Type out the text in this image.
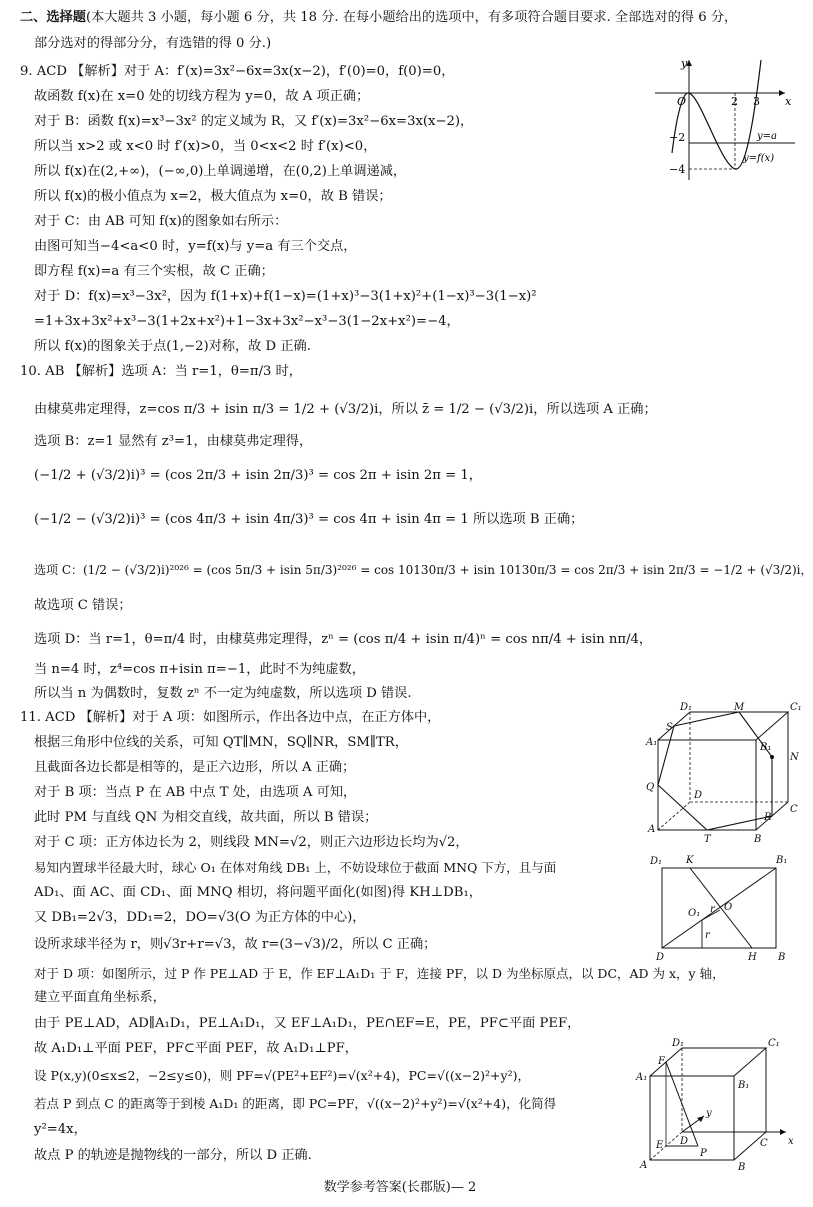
二、选择题(本大题共 3 小题，每小题 6 分，共 18 分. 在每小题给出的选项中，有多项符合题目要求. 全部选对的得 6 分，
部分选对的得部分分，有选错的得 0 分.)
9. ACD 【解析】对于 A：f′(x)=3x²−6x=3x(x−2)，f′(0)=0，f(0)=0，
故函数 f(x)在 x=0 处的切线方程为 y=0，故 A 项正确；
对于 B：函数 f(x)=x³−3x² 的定义域为 R，又 f′(x)=3x²−6x=3x(x−2)，
所以当 x>2 或 x<0 时 f′(x)>0，当 0<x<2 时 f′(x)<0，
所以 f(x)在(2,+∞)，(−∞,0)上单调递增，在(0,2)上单调递减，
所以 f(x)的极小值点为 x=2，极大值点为 x=0，故 B 错误；
对于 C：由 AB 可知 f(x)的图象如右所示：
由图可知当−4<a<0 时，y=f(x)与 y=a 有三个交点，
即方程 f(x)=a 有三个实根，故 C 正确；
对于 D：f(x)=x³−3x²，因为 f(1+x)+f(1−x)=(1+x)³−3(1+x)²+(1−x)³−3(1−x)²
=1+3x+3x²+x³−3(1+2x+x²)+1−3x+3x²−x³−3(1−2x+x²)=−4，
所以 f(x)的图象关于点(1,−2)对称，故 D 正确.
y
x
O	2 3
−2
−4
y=a
y=f(x)
10. AB 【解析】选项 A：当 r=1，θ=π/3 时，
由棣莫弗定理得，z=cos π/3 + isin π/3 = 1/2 + (√3/2)i，所以 z̄ = 1/2 − (√3/2)i，所以选项 A 正确；
选项 B：z=1 显然有 z³=1，由棣莫弗定理得，
(−1/2 + (√3/2)i)³ = (cos 2π/3 + isin 2π/3)³ = cos 2π + isin 2π = 1，
(−1/2 − (√3/2)i)³ = (cos 4π/3 + isin 4π/3)³ = cos 4π + isin 4π = 1 所以选项 B 正确；
选项 C：(1/2 − (√3/2)i)²⁰²⁶ = (cos 5π/3 + isin 5π/3)²⁰²⁶ = cos 10130π/3 + isin 10130π/3 = cos 2π/3 + isin 2π/3 = −1/2 + (√3/2)i，
故选项 C 错误；
选项 D：当 r=1，θ=π/4 时，由棣莫弗定理得，zⁿ = (cos π/4 + isin π/4)ⁿ = cos nπ/4 + isin nπ/4，
当 n=4 时，z⁴=cos π+isin π=−1，此时不为纯虚数，
所以当 n 为偶数时，复数 zⁿ 不一定为纯虚数，所以选项 D 错误.
11. ACD 【解析】对于 A 项：如图所示，作出各边中点，在正方体中，
根据三角形中位线的关系，可知 QT∥MN，SQ∥NR，SM∥TR，
且截面各边长都是相等的，是正六边形，所以 A 正确；
对于 B 项：当点 P 在 AB 中点 T 处，由选项 A 可知，
此时 PM 与直线 QN 为相交直线，故共面，所以 B 错误；
对于 C 项：正方体边长为 2，则线段 MN=√2，则正六边形边长均为√2，
易知内置球半径最大时，球心 O₁ 在体对角线 DB₁ 上，不妨设球位于截面 MNQ 下方，且与面
AD₁、面 AC、面 CD₁、面 MNQ 相切，将问题平面化(如图)得 KH⊥DB₁，
又 DB₁=2√3，DD₁=2，DO=√3(O 为正方体的中心)，
设所求球半径为 r，则√3r+r=√3，故 r=(3−√3)/2，所以 C 正确；
对于 D 项：如图所示，过 P 作 PE⊥AD 于 E，作 EF⊥A₁D₁ 于 F，连接 PF，以 D 为坐标原点，以 DC，AD 为 x，y 轴，
建立平面直角坐标系，
由于 PE⊥AD，AD∥A₁D₁，PE⊥A₁D₁，又 EF⊥A₁D₁，PE∩EF=E，PE，PF⊂平面 PEF，
故 A₁D₁⊥平面 PEF，PF⊂平面 PEF，故 A₁D₁⊥PF，
设 P(x,y)(0≤x≤2，−2≤y≤0)，则 PF=√(PE²+EF²)=√(x²+4)，PC=√((x−2)²+y²)，
若点 P 到点 C 的距离等于到棱 A₁D₁ 的距离，即 PC=PF，√((x−2)²+y²)=√(x²+4)，化简得
y²=4x，
故点 P 的轨迹是抛物线的一部分，所以 D 正确.
D₁	M	C₁
S
A₁	B₁
N
Q
D
C
A
T
R
B
D₁ K	B₁
O₁ r O
r
D	H B
D₁	C₁
F
A₁
B₁
y
E D	x
C
A
P
B
数学参考答案(长郡版)— 2
